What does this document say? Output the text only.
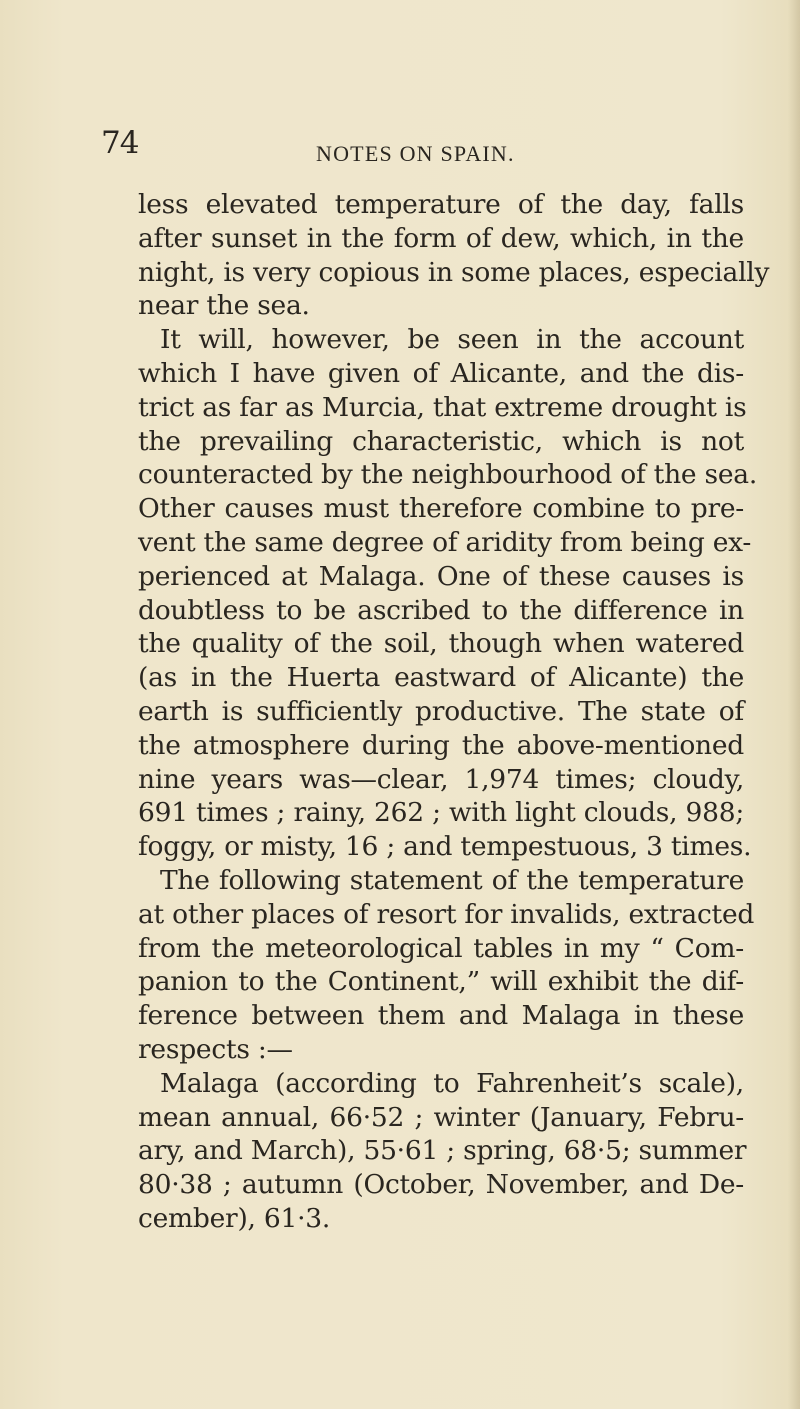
74	NOTES ON SPAIN.
less elevated temperature of the day, falls
after sunset in the form of dew, which, in the
night, is very copious in some places, especially
near the sea.
It will, however, be seen in the account
which I have given of Alicante, and the dis-
trict as far as Murcia, that extreme drought is
the prevailing characteristic, which is not
counteracted by the neighbourhood of the sea.
Other causes must therefore combine to pre-
vent the same degree of aridity from being ex-
perienced at Malaga. One of these causes is
doubtless to be ascribed to the difference in
the quality of the soil, though when watered
(as in the Huerta eastward of Alicante) the
earth is sufficiently productive. The state of
the atmosphere during the above-mentioned
nine years was—clear, 1,974 times; cloudy,
691 times ; rainy, 262 ; with light clouds, 988;
foggy, or misty, 16 ; and tempestuous, 3 times.
The following statement of the temperature
at other places of resort for invalids, extracted
from the meteorological tables in my “ Com-
panion to the Continent,” will exhibit the dif-
ference between them and Malaga in these
respects :—
Malaga (according to Fahrenheit’s scale),
mean annual, 66·52 ; winter (January, Febru-
ary, and March), 55·61 ; spring, 68·5; summer
80·38 ; autumn (October, November, and De-
cember), 61·3.
